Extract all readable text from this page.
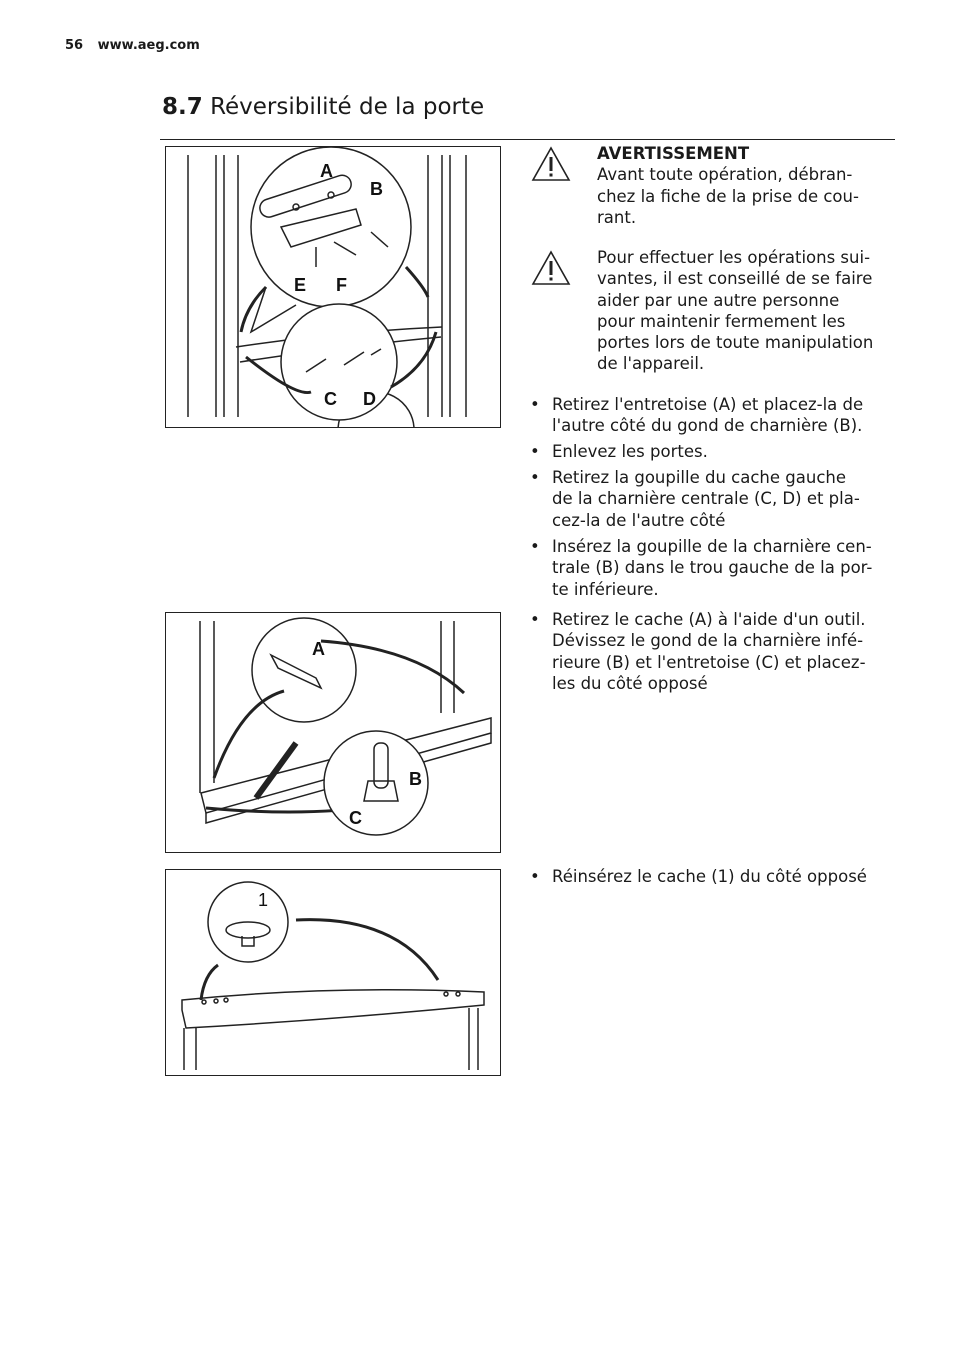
56 www.aeg.com
8.7 Réversibilité de la porte
A
B
E F
C D
A
B
C
1
AVERTISSEMENT
Avant toute opération, débran-
chez la fiche de la prise de cou-
rant.
Pour effectuer les opérations sui-
vantes, il est conseillé de se faire
aider par une autre personne
pour maintenir fermement les
portes lors de toute manipulation
de l'appareil.
• Retirez l'entretoise (A) et placez-la de
l'autre côté du gond de charnière (B).
• Enlevez les portes.
• Retirez la goupille du cache gauche
de la charnière centrale (C, D) et pla-
cez-la de l'autre côté
• Insérez la goupille de la charnière cen-
trale (B) dans le trou gauche de la por-
te inférieure.
• Retirez le cache (A) à l'aide d'un outil.
Dévissez le gond de la charnière infé-
rieure (B) et l'entretoise (C) et placez-
les du côté opposé
• Réinsérez le cache (1) du côté opposé
